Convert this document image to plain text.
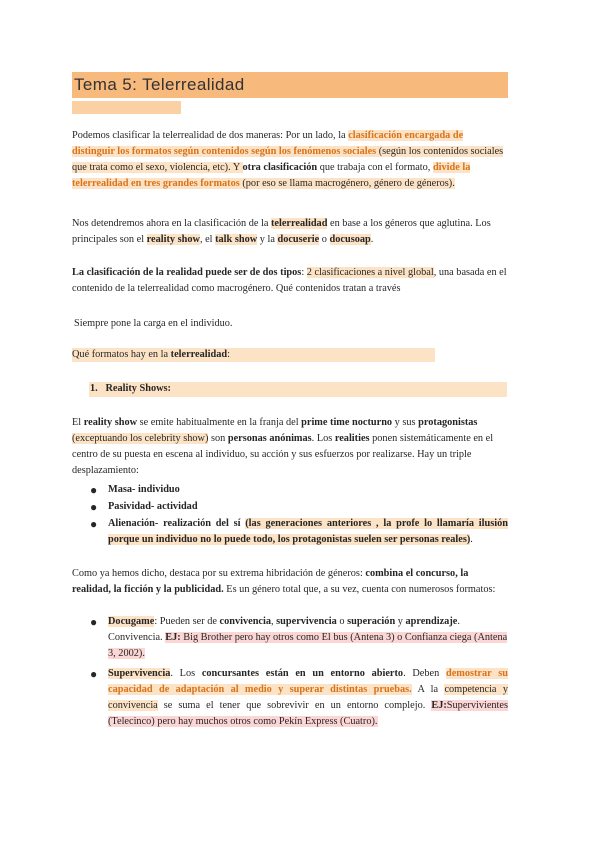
Tema 5: Telerrealidad
Podemos clasificar la telerrealidad de dos maneras: Por un lado, la clasificación encargada de distinguir los formatos según contenidos según los fenómenos sociales (según los contenidos sociales que trata como el sexo, violencia, etc). Y otra clasificación que trabaja con el formato, divide la telerrealidad en tres grandes formatos (por eso se llama macrogénero, género de géneros).
Nos detendremos ahora en la clasificación de la telerrealidad en base a los géneros que aglutina. Los principales son el reality show, el talk show y la docuserie o docusoap.
La clasificación de la realidad puede ser de dos tipos: 2 clasificaciones a nivel global, una basada en el contenido de la telerrealidad como macrogénero. Qué contenidos tratan a través
Siempre pone la carga en el individuo.
Qué formatos hay en la telerrealidad:
1. Reality Shows:
El reality show se emite habitualmente en la franja del prime time nocturno y sus protagonistas (exceptuando los celebrity show) son personas anónimas. Los realities ponen sistemáticamente en el centro de su puesta en escena al individuo, su acción y sus esfuerzos por realizarse. Hay un triple desplazamiento:
● Masa- individuo
● Pasividad- actividad
● Alienación- realización del sí (las generaciones anteriores , la profe lo llamaría ilusión porque un individuo no lo puede todo, los protagonistas suelen ser personas reales).
Como ya hemos dicho, destaca por su extrema hibridación de géneros: combina el concurso, la realidad, la ficción y la publicidad. Es un género total que, a su vez, cuenta con numerosos formatos:
● Docugame: Pueden ser de convivencia, supervivencia o superación y aprendizaje. Convivencia. EJ: Big Brother pero hay otros como El bus (Antena 3) o Confianza ciega (Antena 3, 2002).
● Supervivencia. Los concursantes están en un entorno abierto. Deben demostrar su capacidad de adaptación al medio y superar distintas pruebas. A la competencia y convivencia se suma el tener que sobrevivir en un entorno complejo. EJ:Supervivientes (Telecinco) pero hay muchos otros como Pekín Express (Cuatro).
